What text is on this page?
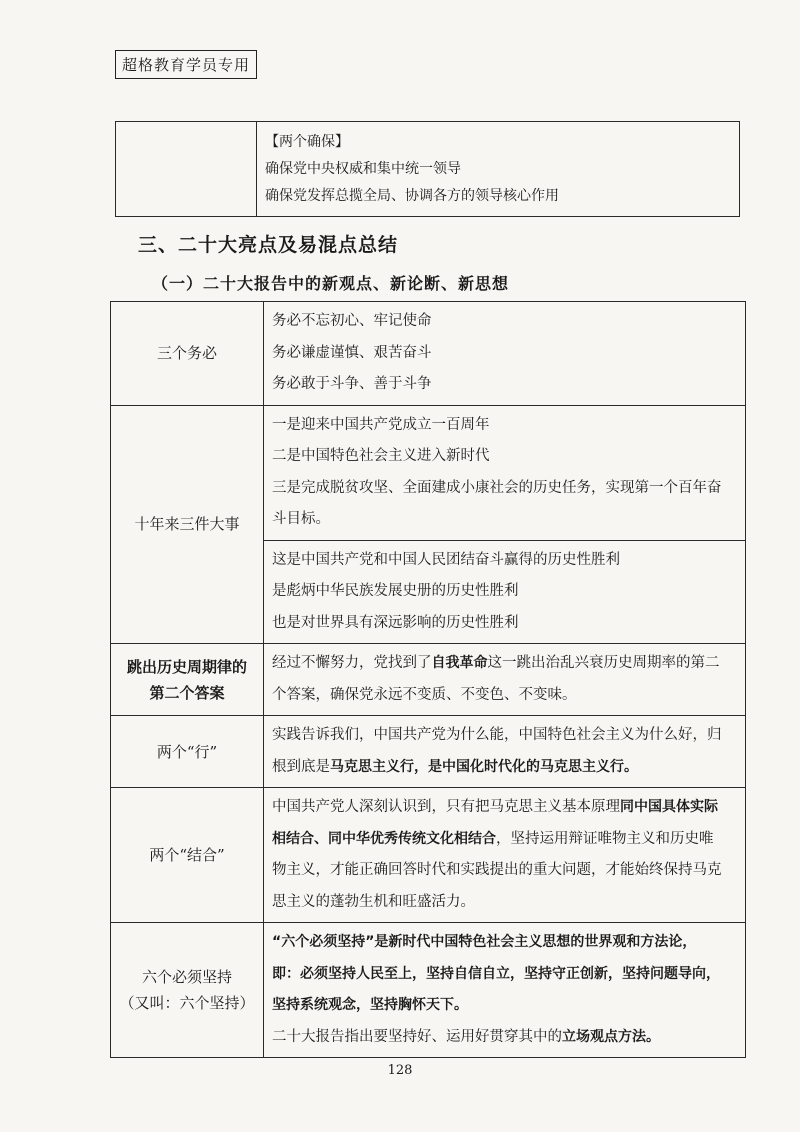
超格教育学员专用

【两个确保】
确保党中央权威和集中统一领导
确保党发挥总揽全局、协调各方的领导核心作用
三、二十大亮点及易混点总结
（一）二十大报告中的新观点、新论断、新思想
三个务必	务必不忘初心、牢记使命
务必谦虚谨慎、艰苦奋斗
务必敢于斗争、善于斗争

十年来三件大事	一是迎来中国共产党成立一百周年
二是中国特色社会主义进入新时代
三是完成脱贫攻坚、全面建成小康社会的历史任务，实现第一个百年奋
斗目标。

	这是中国共产党和中国人民团结奋斗赢得的历史性胜利
是彪炳中华民族发展史册的历史性胜利
也是对世界具有深远影响的历史性胜利

跳出历史周期律的
第二个答案	经过不懈努力，党找到了自我革命这一跳出治乱兴衰历史周期率的第二
个答案，确保党永远不变质、不变色、不变味。
两个“行”	实践告诉我们，中国共产党为什么能，中国特色社会主义为什么好，归
根到底是马克思主义行，是中国化时代化的马克思主义行。
两个“结合”	中国共产党人深刻认识到，只有把马克思主义基本原理同中国具体实际
相结合、同中华优秀传统文化相结合，坚持运用辩证唯物主义和历史唯
物主义，才能正确回答时代和实践提出的重大问题，才能始终保持马克
思主义的蓬勃生机和旺盛活力。

六个必须坚持
（又叫：六个坚持）	“六个必须坚持”是新时代中国特色社会主义思想的世界观和方法论，
即：必须坚持人民至上，坚持自信自立，坚持守正创新，坚持问题导向，
坚持系统观念，坚持胸怀天下。
二十大报告指出要坚持好、运用好贯穿其中的立场观点方法。
128
